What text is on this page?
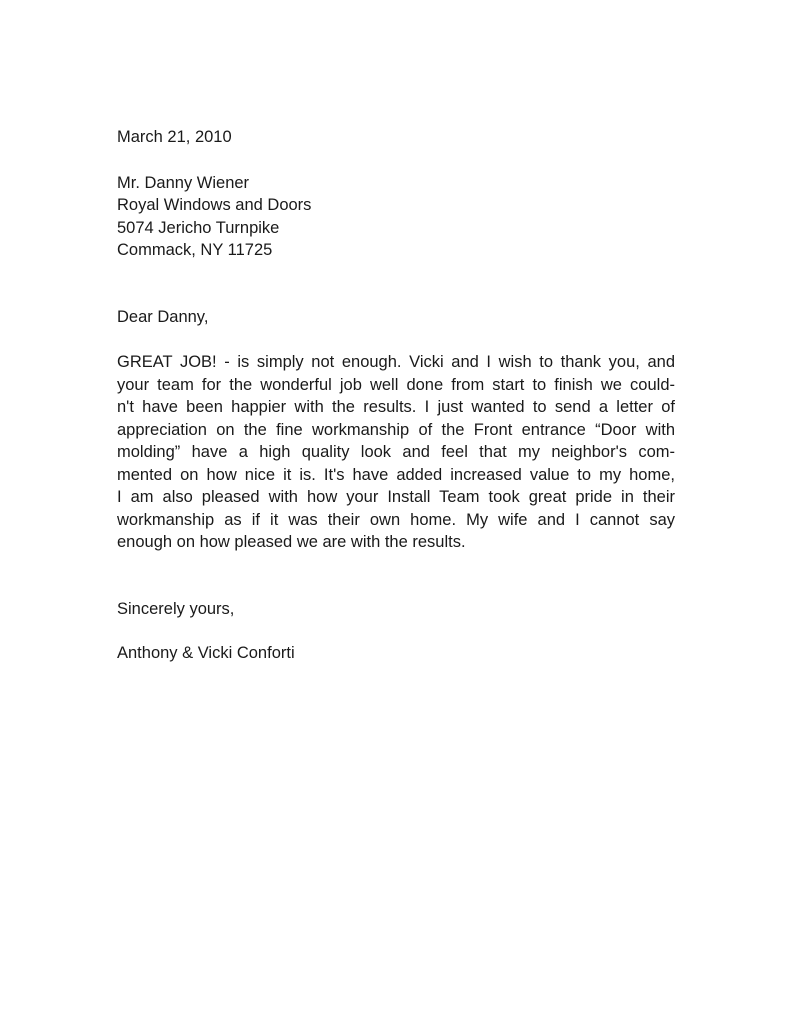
March 21, 2010
Mr. Danny Wiener
Royal Windows and Doors
5074 Jericho Turnpike
Commack, NY 11725
Dear Danny,
GREAT JOB! - is simply not enough. Vicki and I wish to thank you, and
your team for the wonderful job well done from start to finish we could-
n't have been happier with the results. I just wanted to send a letter of
appreciation on the fine workmanship of the Front entrance “Door with
molding” have a high quality look and feel that my neighbor's com-
mented on how nice it is. It's have added increased value to my home,
I am also pleased with how your Install Team took great pride in their
workmanship as if it was their own home. My wife and I cannot say
enough on how pleased we are with the results.
Sincerely yours,
Anthony & Vicki Conforti
